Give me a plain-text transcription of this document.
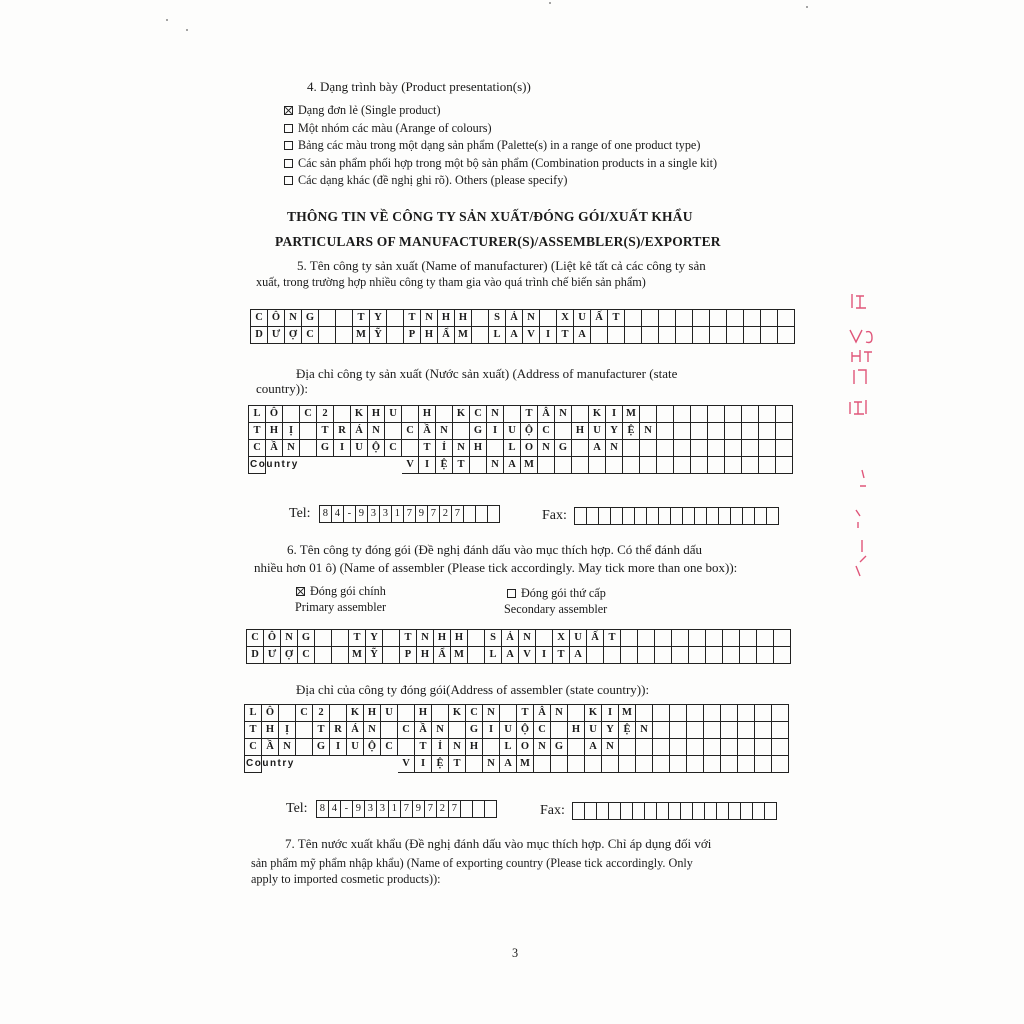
4. Dạng trình bày (Product presentation(s))
Dạng đơn lẻ (Single product)
Một nhóm các màu (Arange of colours)
Bảng các màu trong một dạng sản phẩm (Palette(s) in a range of one product type)
Các sản phẩm phối hợp trong một bộ sản phẩm (Combination products in a single kit)
Các dạng khác (đề nghị ghi rõ). Others (please specify)
THÔNG TIN VỀ CÔNG TY SẢN XUẤT/ĐÓNG GÓI/XUẤT KHẨU
PARTICULARS OF MANUFACTURER(S)/ASSEMBLER(S)/EXPORTER
5. Tên công ty sản xuất (Name of manufacturer) (Liệt kê tất cả các công ty sản
xuất, trong trường hợp nhiều công ty tham gia vào quá trình chế biến sản phẩm)
C Ô N G	T Y	T N H H	S Ả N	X U Ấ T
D Ư Ợ C	M Ỹ	P H Ẩ M	L A V	I	T A
Địa chỉ công ty sản xuất (Nước sản xuất) (Address of manufacturer (state
country)):
L Ô	C	2	K H U	H	K C N	T Â N	K	I M
T H	Ị	T R Á N	C Ầ N	G	I	U Ộ C	H U Y Ệ N
C Ầ N	G	I	U Ộ C	T	Ỉ	N H	L O N G	A N
Country	V	I	Ệ T	N A M
Tel: 8 4 - 9 3 3 1 7 9 7 2 7	Fax:
6. Tên công ty đóng gói (Đề nghị đánh dấu vào mục thích hợp. Có thể đánh dấu
nhiều hơn 01 ô) (Name of assembler (Please tick accordingly. May tick more than one box)):
Đóng gói chính
Primary assembler
Đóng gói thứ cấp
Secondary assembler
C Ô N G	T Y	T N H H	S Ả N	X U Ấ T
D Ư Ợ C	M Ỹ	P H Ẩ M	L A V	I	T A
Địa chỉ của công ty đóng gói(Address of assembler (state country)):
L Ô	C	2	K H U	H	K C N	T Â N	K	I M
T H	Ị	T R Á N	C Ầ N	G	I	U Ộ C	H U Y Ệ N
C Ầ N	G	I	U Ộ C	T	Ỉ	N H	L O N G	A N
Country	V	I	Ệ T	N A M
Tel: 8 4 - 9 3 3 1 7 9 7 2 7	Fax:
7. Tên nước xuất khẩu (Đề nghị đánh dấu vào mục thích hợp. Chỉ áp dụng đối với
sản phẩm mỹ phẩm nhập khẩu) (Name of exporting country (Please tick accordingly. Only
apply to imported cosmetic products)):
3
